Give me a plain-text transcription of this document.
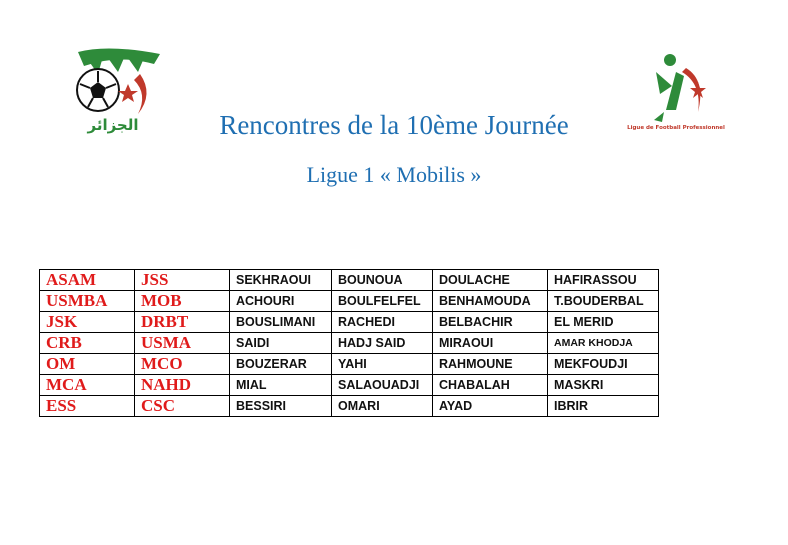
الجزائر	Ligue de Football Professionnel
Rencontres de la 10ème Journée
Ligue 1 « Mobilis »
ASAM	JSS	SEKHRAOUI	BOUNOUA	DOULACHE	HAFIRASSOU
USMBA	MOB	ACHOURI	BOULFELFEL	BENHAMOUDA	T.BOUDERBAL
JSK	DRBT	BOUSLIMANI	RACHEDI	BELBACHIR	EL MERID
CRB	USMA	SAIDI	HADJ SAID	MIRAOUI	AMAR KHODJA
OM	MCO	BOUZERAR	YAHI	RAHMOUNE	MEKFOUDJI
MCA	NAHD	MIAL	SALAOUADJI	CHABALAH	MASKRI
ESS	CSC	BESSIRI	OMARI	AYAD	IBRIR
